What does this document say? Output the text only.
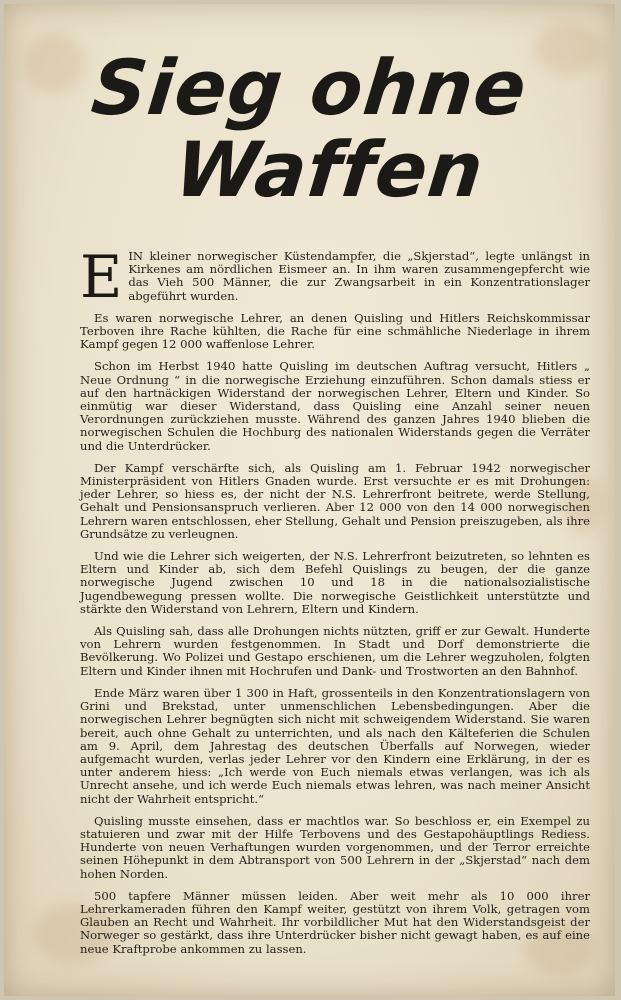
Sieg ohne
Waffen

E IN kleiner norwegischer Küstendampfer, die „Skjerstad“, legte unlängst in Kirkenes am nördlichen Eismeer an. In ihm waren zusammengepfercht wie das Vieh 500 Männer, die zur Zwangsarbeit in ein Konzentrationslager abgeführt wurden.

Es waren norwegische Lehrer, an denen Quisling und Hitlers Reichskommissar Terboven ihre Rache kühlten, die Rache für eine schmähliche Niederlage in ihrem Kampf gegen 12 000 waffenlose Lehrer.

Schon im Herbst 1940 hatte Quisling im deutschen Auftrag versucht, Hitlers „ Neue Ordnung “ in die norwegische Erziehung einzuführen. Schon damals stiess er auf den hartnäckigen Widerstand der norwegischen Lehrer, Eltern und Kinder. So einmütig war dieser Widerstand, dass Quisling eine Anzahl seiner neuen Verordnungen zurückziehen musste. Während des ganzen Jahres 1940 blieben die norwegischen Schulen die Hochburg des nationalen Widerstands gegen die Verräter und die Unterdrücker.

Der Kampf verschärfte sich, als Quisling am 1. Februar 1942 norwegischer Ministerpräsident von Hitlers Gnaden wurde. Erst versuchte er es mit Drohungen: jeder Lehrer, so hiess es, der nicht der N.S. Lehrerfront beitrete, werde Stellung, Gehalt und Pensionsanspruch verlieren. Aber 12 000 von den 14 000 norwegischen Lehrern waren entschlossen, eher Stellung, Gehalt und Pension preiszugeben, als ihre Grundsätze zu verleugnen.

Und wie die Lehrer sich weigerten, der N.S. Lehrerfront beizutreten, so lehnten es Eltern und Kinder ab, sich dem Befehl Quislings zu beugen, der die ganze norwegische Jugend zwischen 10 und 18 in die nationalsozialistische Jugendbewegung pressen wollte. Die norwegische Geistlichkeit unterstützte und stärkte den Widerstand von Lehrern, Eltern und Kindern.

Als Quisling sah, dass alle Drohungen nichts nützten, griff er zur Gewalt. Hunderte von Lehrern wurden festgenommen. In Stadt und Dorf demonstrierte die Bevölkerung. Wo Polizei und Gestapo erschienen, um die Lehrer wegzuholen, folgten Eltern und Kinder ihnen mit Hochrufen und Dank- und Trostworten an den Bahnhof.

Ende März waren über 1 300 in Haft, grossenteils in den Konzentrationslagern von Grini und Brekstad, unter unmenschlichen Lebensbedingungen. Aber die norwegischen Lehrer begnügten sich nicht mit schweigendem Widerstand. Sie waren bereit, auch ohne Gehalt zu unterrichten, und als nach den Kälteferien die Schulen am 9. April, dem Jahrestag des deutschen Überfalls auf Norwegen, wieder aufgemacht wurden, verlas jeder Lehrer vor den Kindern eine Erklärung, in der es unter anderem hiess: „Ich werde von Euch niemals etwas verlangen, was ich als Unrecht ansehe, und ich werde Euch niemals etwas lehren, was nach meiner Ansicht nicht der Wahrheit entspricht.“

Quisling musste einsehen, dass er machtlos war. So beschloss er, ein Exempel zu statuieren und zwar mit der Hilfe Terbovens und des Gestapohäuptlings Rediess. Hunderte von neuen Verhaftungen wurden vorgenommen, und der Terror erreichte seinen Höhepunkt in dem Abtransport von 500 Lehrern in der „Skjerstad“ nach dem hohen Norden.

500 tapfere Männer müssen leiden. Aber weit mehr als 10 000 ihrer Lehrerkameraden führen den Kampf weiter, gestützt von ihrem Volk, getragen vom Glauben an Recht und Wahrheit. Ihr vorbildlicher Mut hat den Widerstandsgeist der Norweger so gestärkt, dass ihre Unterdrücker bisher nicht gewagt haben, es auf eine neue Kraftprobe ankommen zu lassen.
